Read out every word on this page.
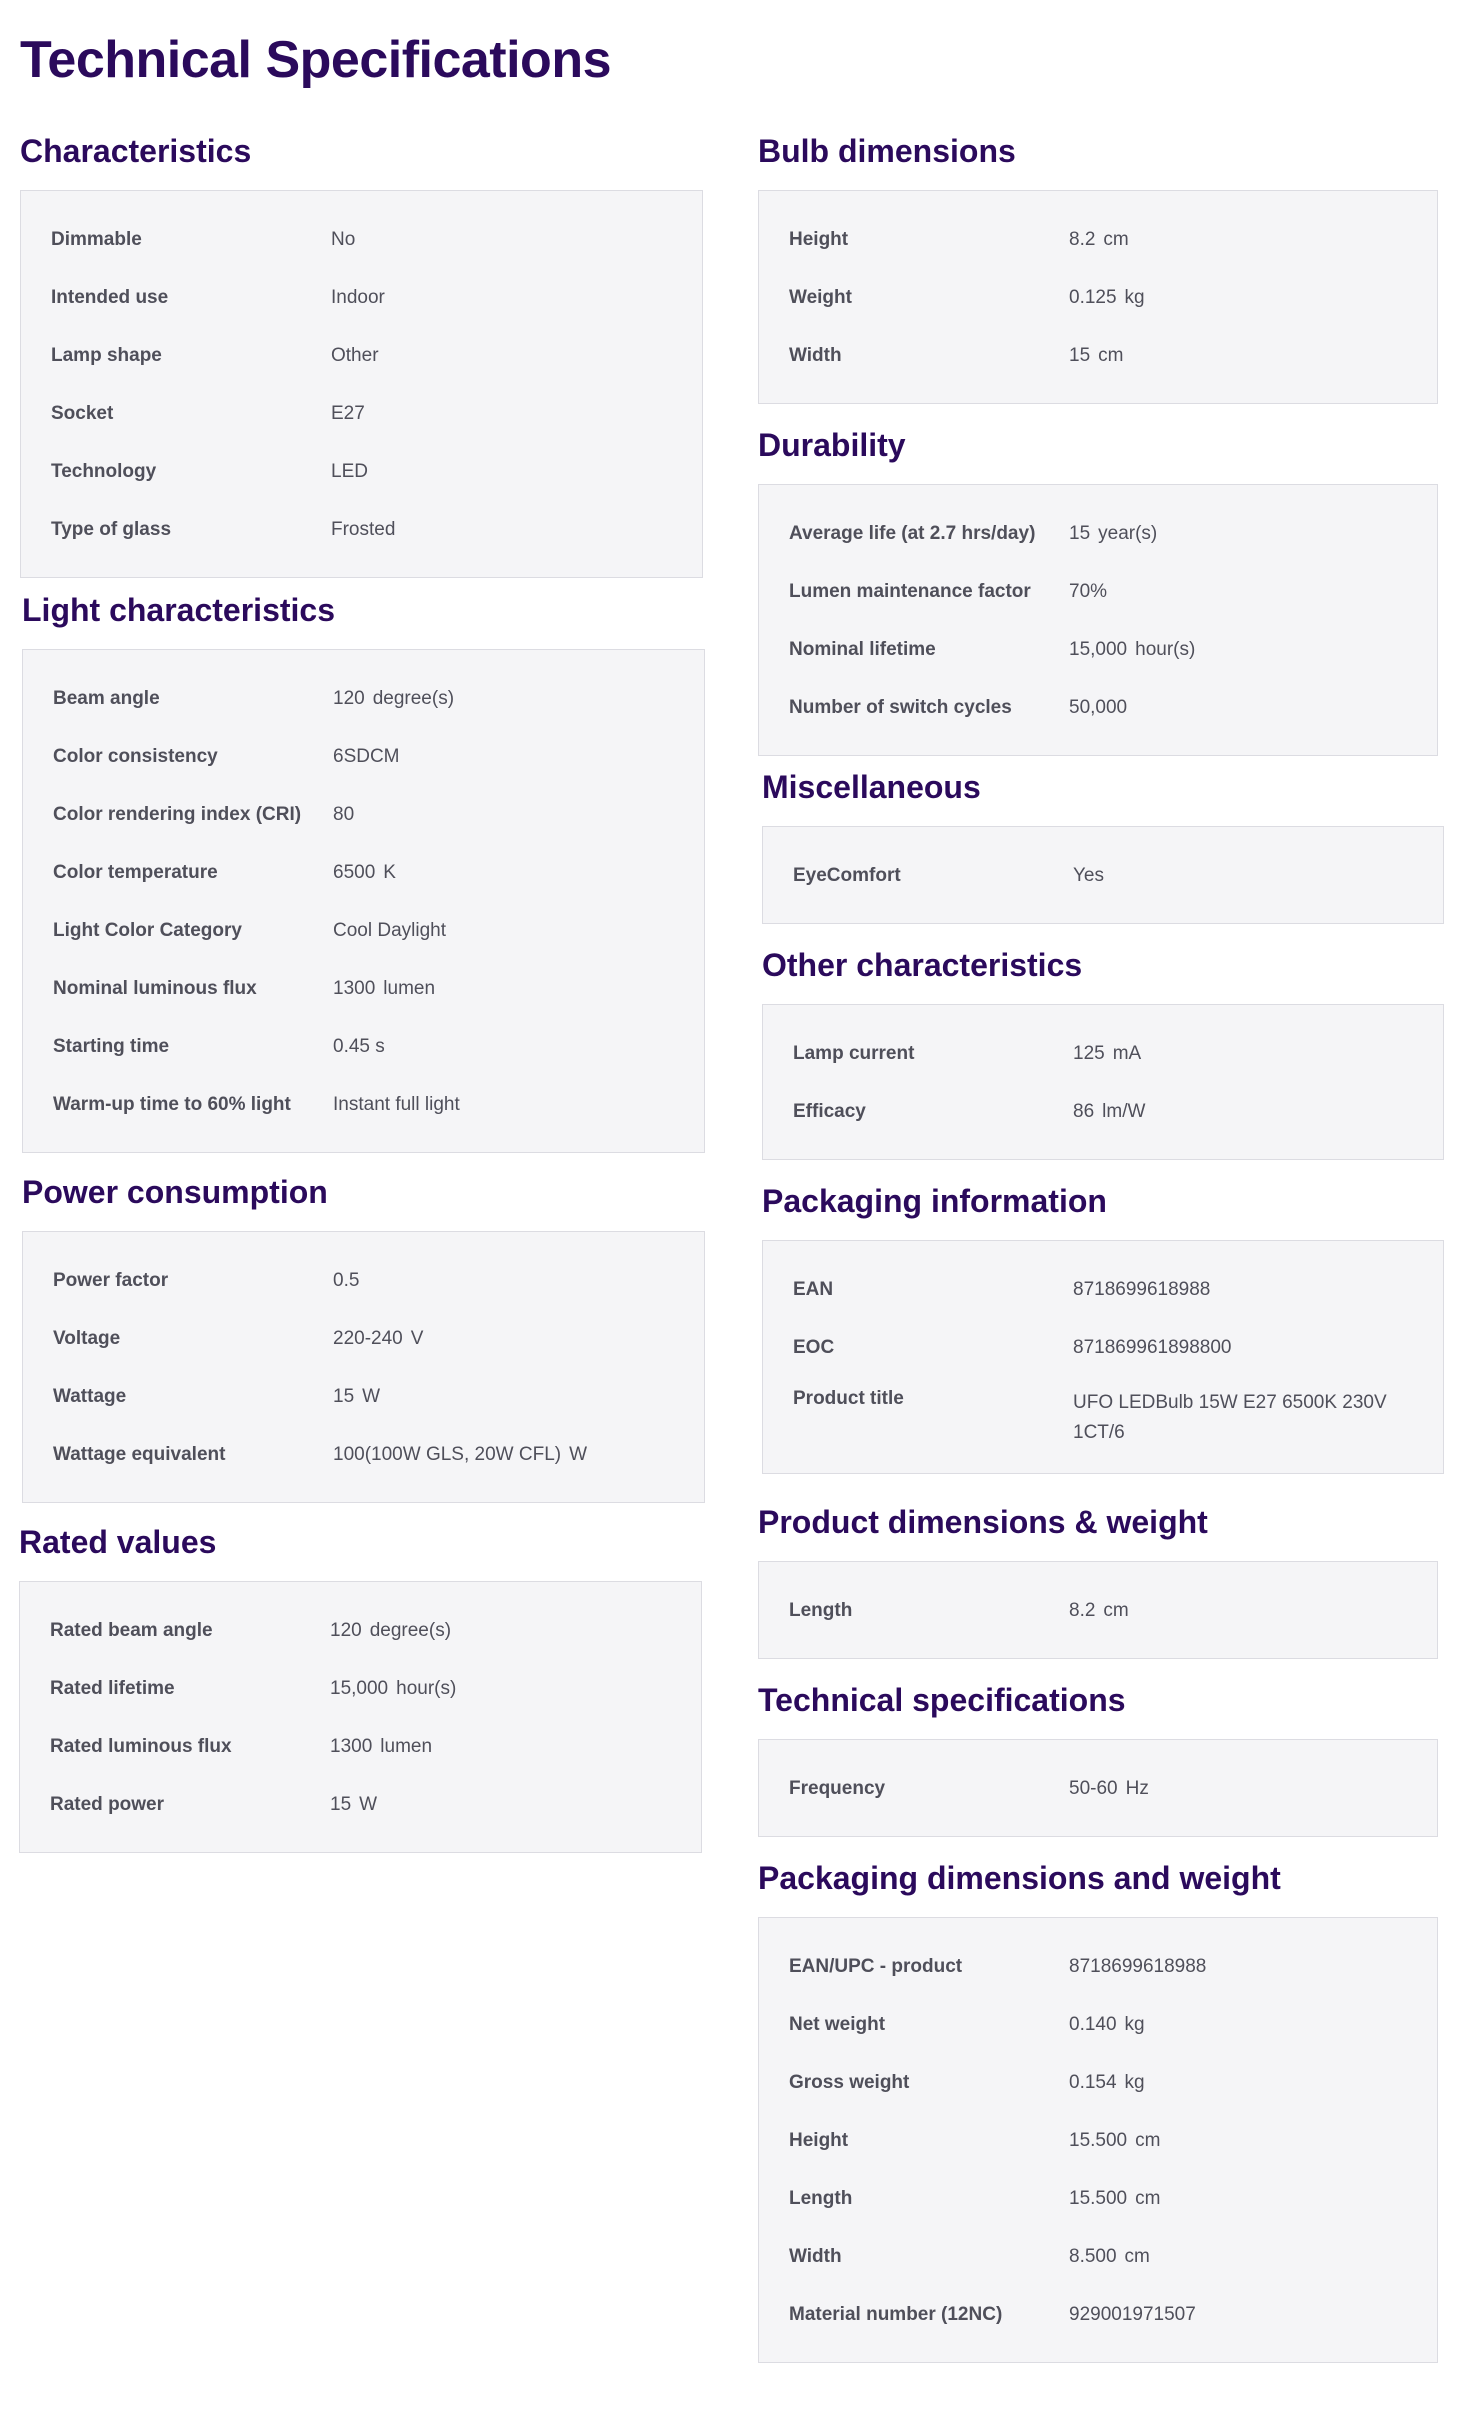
Technical Specifications
Characteristics
Dimmable	No
Intended use	Indoor
Lamp shape	Other
Socket	E27
Technology	LED
Type of glass	Frosted
Light characteristics
Beam angle	120 degree(s)
Color consistency	6SDCM
Color rendering index (CRI)	80
Color temperature	6500 K
Light Color Category	Cool Daylight
Nominal luminous flux	1300 lumen
Starting time	0.45 s
Warm-up time to 60% light	Instant full light
Power consumption
Power factor	0.5
Voltage	220-240 V
Wattage	15 W
Wattage equivalent	100(100W GLS, 20W CFL) W
Rated values
Rated beam angle	120 degree(s)
Rated lifetime	15,000 hour(s)
Rated luminous flux	1300 lumen
Rated power	15 W
Bulb dimensions
Height	8.2 cm
Weight	0.125 kg
Width	15 cm
Durability
Average life (at 2.7 hrs/day)	15 year(s)
Lumen maintenance factor	70%
Nominal lifetime	15,000 hour(s)
Number of switch cycles	50,000
Miscellaneous
EyeComfort	Yes
Other characteristics
Lamp current	125 mA
Efficacy	86 lm/W
Packaging information
EAN	8718699618988
EOC	871869961898800
Product title	UFO LEDBulb 15W E27 6500K 230V 1CT/6
Product dimensions & weight
Length	8.2 cm
Technical specifications
Frequency	50-60 Hz
Packaging dimensions and weight
EAN/UPC - product	8718699618988
Net weight	0.140 kg
Gross weight	0.154 kg
Height	15.500 cm
Length	15.500 cm
Width	8.500 cm
Material number (12NC)	929001971507
